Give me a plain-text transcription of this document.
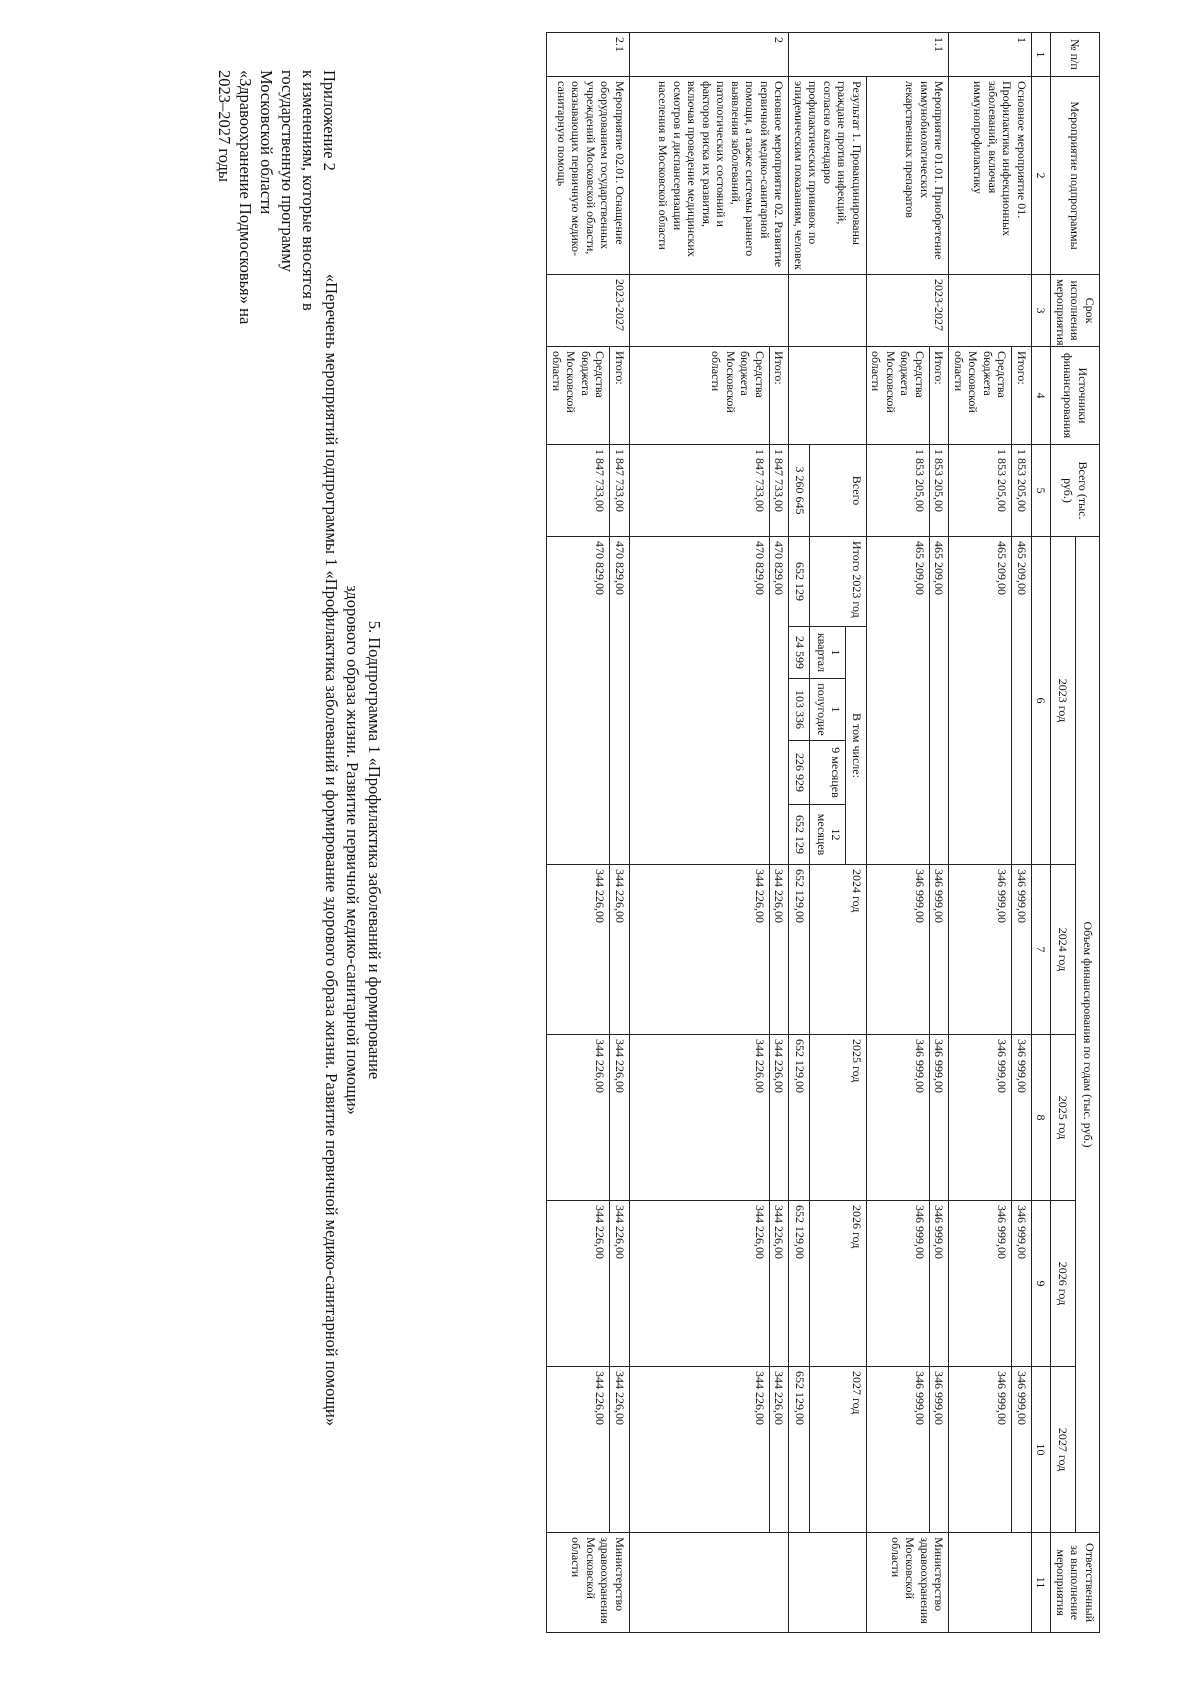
Приложение 2
к изменениям, которые вносятся в
государственную программу
Московской области
«Здравоохранение Подмосковья» на
2023–2027 годы
5. Подпрограмма 1 «Профилактика заболеваний и формирование
здорового образа жизни. Развитие первичной медико-санитарной помощи»
«Перечень мероприятий подпрограммы 1 «Профилактика заболеваний и формирование здорового образа жизни. Развитие первичной медико-санитарной помощи»
№ п/п	Мероприятие подпрограммы	Срок исполнения мероприятия	Источники финансирования	Всего (тыс. руб.)	Объем финансирования по годам (тыс. руб.)									Ответственный за выполнение мероприятия
					2023 год					2024 год	2025 год	2026 год	2027 год	
1	2	3	4	5	6					7	8	9	10	11
1	Основное мероприятие 01. Профилактика инфекционных заболеваний, включая иммунопрофилактику		Итого:	1 853 205,00	465 209,00					346 999,00	346 999,00	346 999,00	346 999,00	
			Средства бюджета Московской области	1 853 205,00	465 209,00					346 999,00	346 999,00	346 999,00	346 999,00	
1.1	Мероприятие 01.01. Приобретение иммунобиологических лекарственных препаратов	2023-2027	Итого:	1 853 205,00	465 209,00					346 999,00	346 999,00	346 999,00	346 999,00	Министерство здравоохранения Московской области
			Средства бюджета Московской области	1 853 205,00	465 209,00					346 999,00	346 999,00	346 999,00	346 999,00	
	Результат 1. Провакцинированы граждане против инфекций, согласно календарю профилактических прививок по эпидемическим показаниям, человек			Всего	Итого 2023 год	В том числе:				2024 год	2025 год	2026 год	2027 год	
						1 квартал	1 полугодие	9 месяцев	12 месяцев					

				3 260 645	652 129	24 599	103 336	226 929	652 129	652 129,00	652 129,00	652 129,00	652 129,00	
2	Основное мероприятие 02. Развитие первичной медико-санитарной помощи, а также системы раннего выявления заболеваний, патологических состояний и факторов риска их развития, включая проведение медицинских осмотров и диспансеризации населения в Московской области		Итого:	1 847 733,00	470 829,00					344 226,00	344 226,00	344 226,00	344 226,00	
			Средства бюджета Московской области	1 847 733,00	470 829,00					344 226,00	344 226,00	344 226,00	344 226,00	
2.1	Мероприятие 02.01. Оснащение оборудованием государственных учреждений Московской области, оказывающих первичную медико-санитарную помощь	2023-2027	Итого:	1 847 733,00	470 829,00					344 226,00	344 226,00	344 226,00	344 226,00	Министерство здравоохранения Московской области
			Средства бюджета Московской области	1 847 733,00	470 829,00					344 226,00	344 226,00	344 226,00	344 226,00	
